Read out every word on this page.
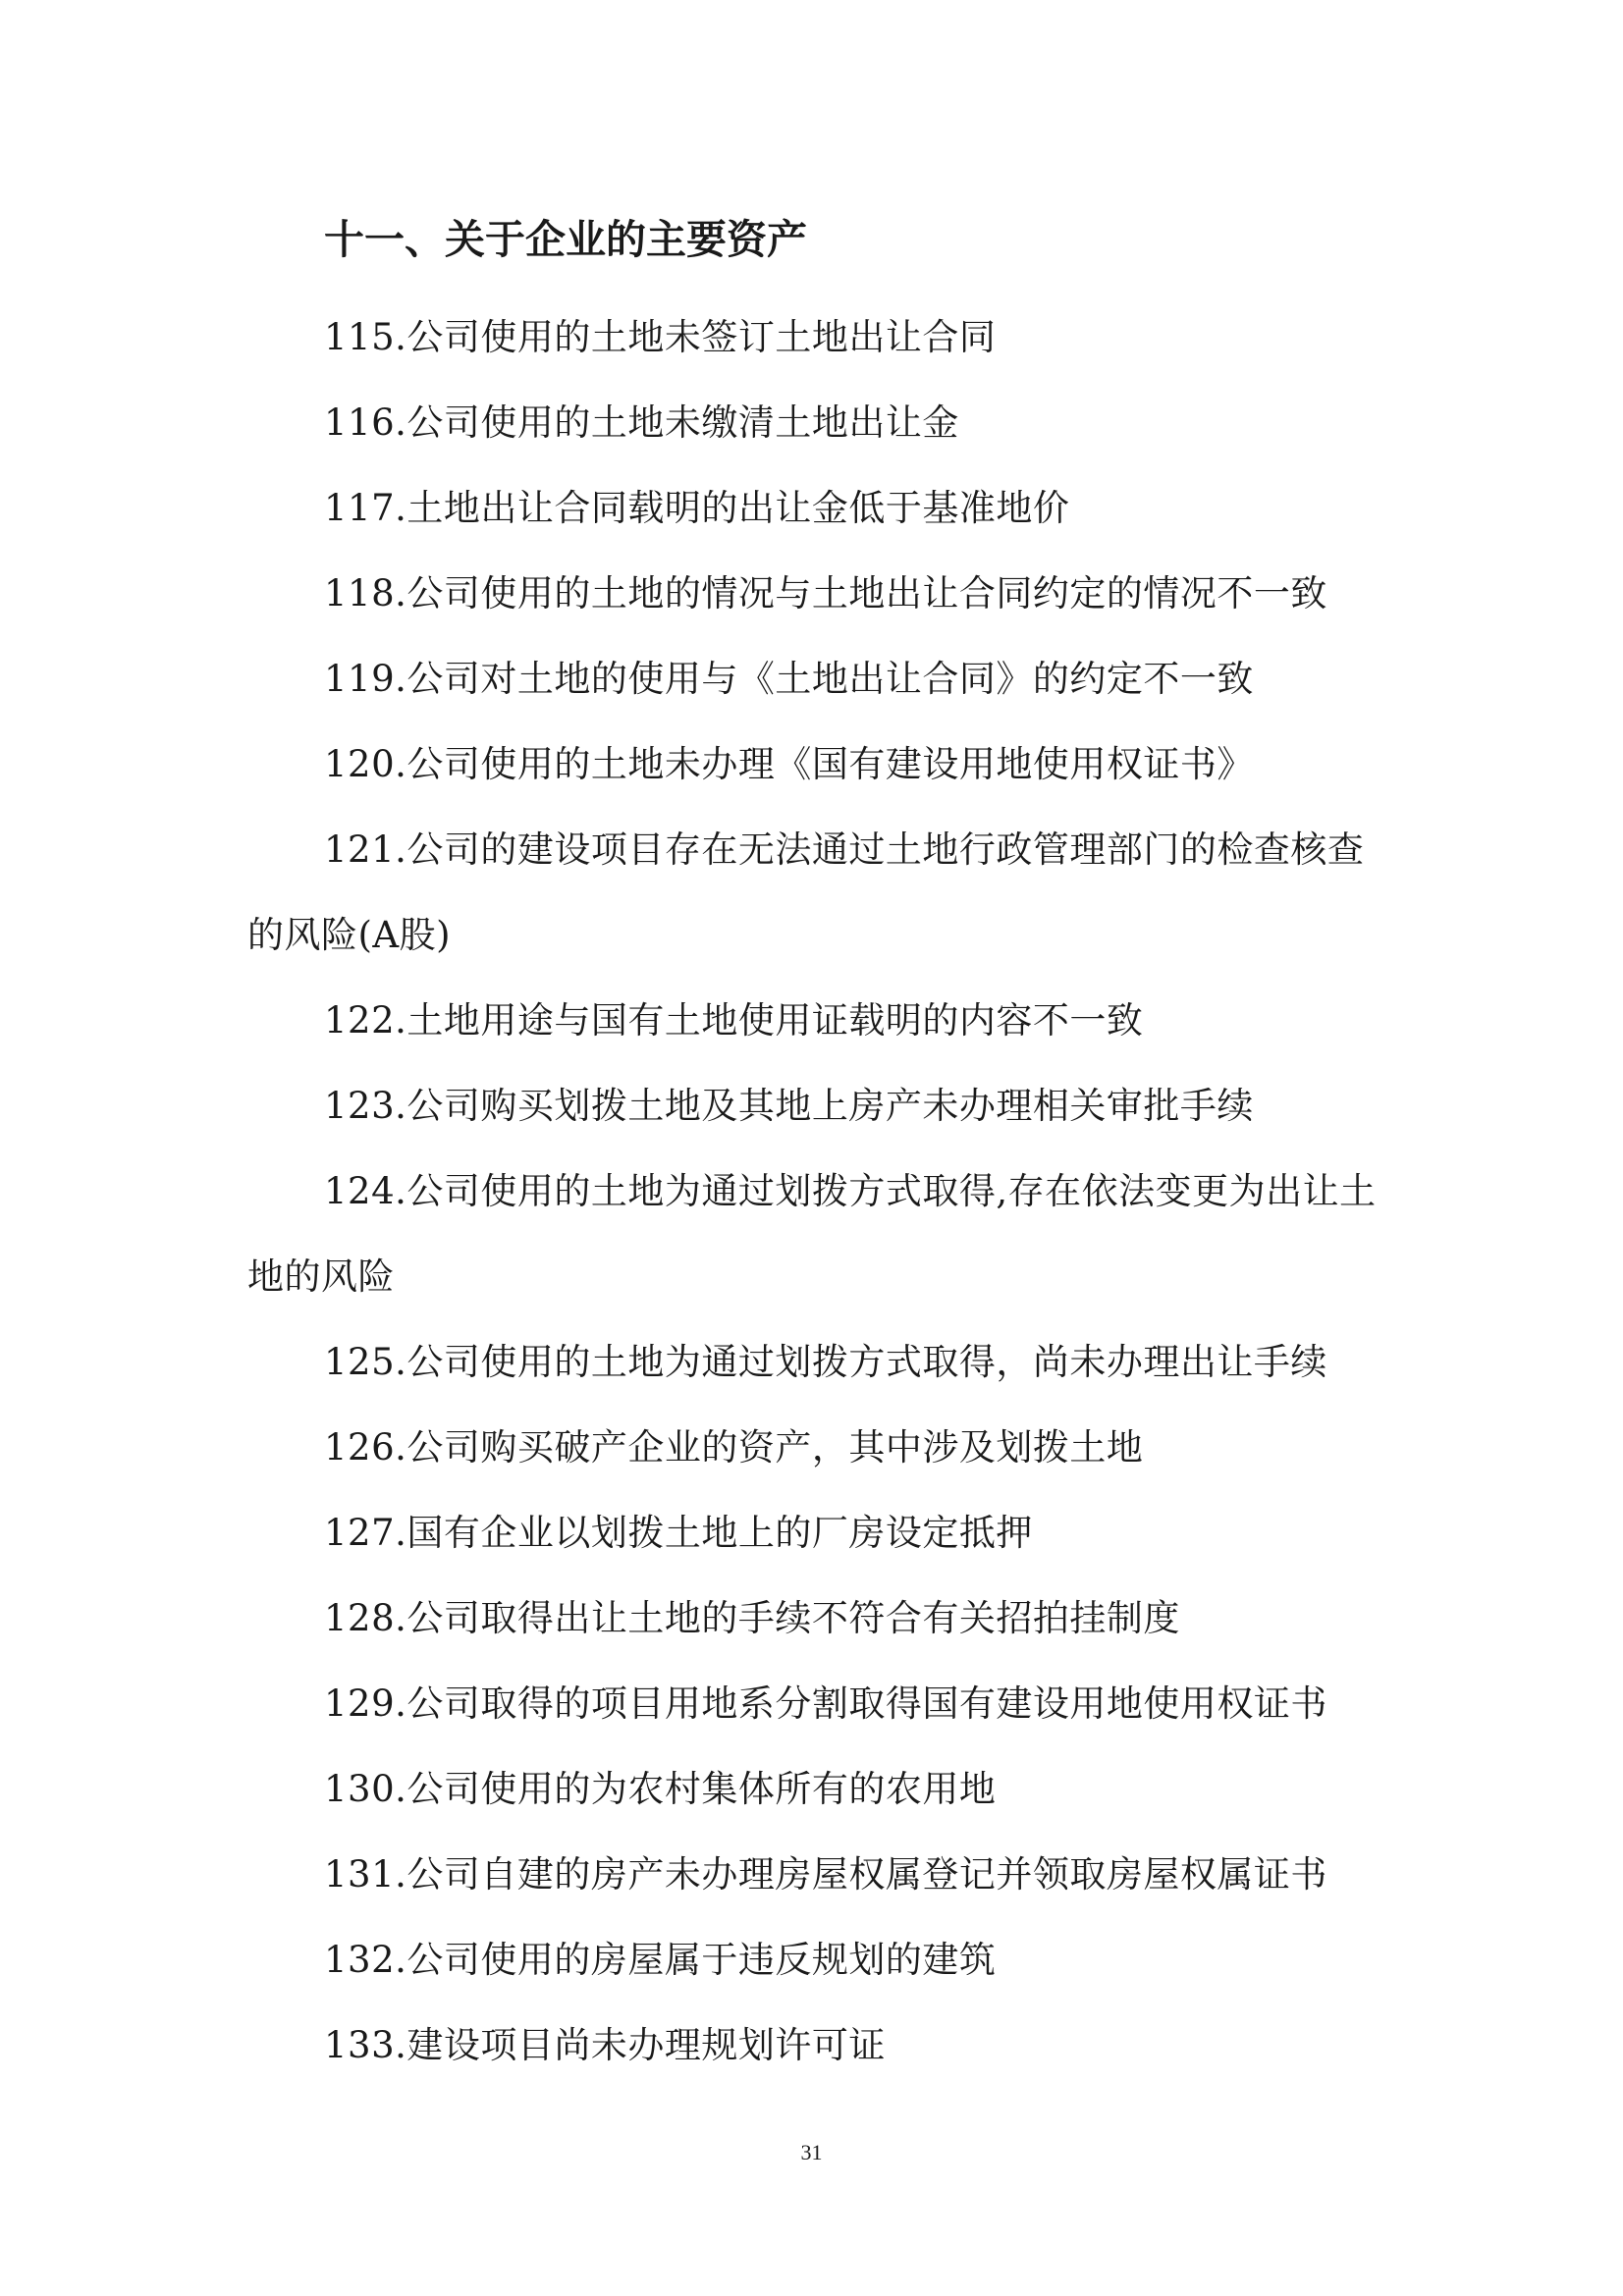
十一、关于企业的主要资产
115.公司使用的土地未签订土地出让合同
116.公司使用的土地未缴清土地出让金
117.土地出让合同载明的出让金低于基准地价
118.公司使用的土地的情况与土地出让合同约定的情况不一致
119.公司对土地的使用与《土地出让合同》的约定不一致
120.公司使用的土地未办理《国有建设用地使用权证书》
121.公司的建设项目存在无法通过土地行政管理部门的检查核查的风险(A股)
122.土地用途与国有土地使用证载明的内容不一致
123.公司购买划拨土地及其地上房产未办理相关审批手续
124.公司使用的土地为通过划拨方式取得,存在依法变更为出让土地的风险
125.公司使用的土地为通过划拨方式取得，尚未办理出让手续
126.公司购买破产企业的资产，其中涉及划拨土地
127.国有企业以划拨土地上的厂房设定抵押
128.公司取得出让土地的手续不符合有关招拍挂制度
129.公司取得的项目用地系分割取得国有建设用地使用权证书
130.公司使用的为农村集体所有的农用地
131.公司自建的房产未办理房屋权属登记并领取房屋权属证书
132.公司使用的房屋属于违反规划的建筑
133.建设项目尚未办理规划许可证
31
